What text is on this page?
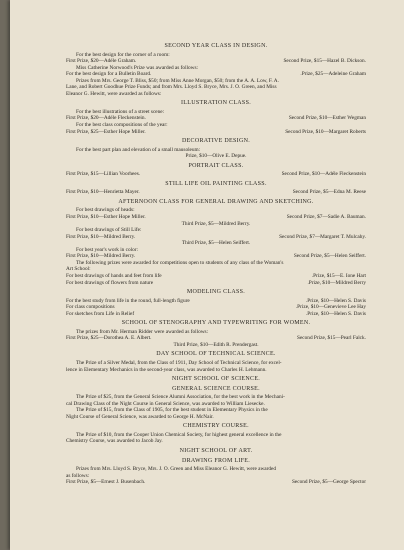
SECOND YEAR CLASS IN DESIGN.
For the best design for the corner of a room:
First Prize, $20—Adéle Graham.	Second Prize, $15—Hazel B. Dickson.
Miss Catherine Norwood's Prize was awarded as follows:
For the best design for a Bulletin Board.	.Prize, $25—Adeleine Graham
Prizes from Mrs. George T. Bliss, $50; from Miss Anne Morgan, $50; from the A. A. Low, F. A.
Lane, and Robert Goodhue Prize Funds; and from Mrs. Lloyd S. Bryce, Mrs. J. O. Green, and Miss
Eleanor G. Hewitt, were awarded as follows:
ILLUSTRATION CLASS.
For the best illustrations of a street scene:
First Prize, $20—Adéle Fleckenstein.	Second Prize, $10—Esther Wegman
For the best class compositions of the year:
First Prize, $25—Esther Hope Miller.	Second Prize, $10—Margaret Roberts
DECORATIVE DESIGN.
For the best part plan and elevation of a small mausoleum:
Prize, $10—Olive E. Depue.
PORTRAIT CLASS.
First Prize, $15—Lillian Voorhees.	Second Prize, $10—Adéle Fleckenstein
STILL LIFE OIL PAINTING CLASS.
First Prize, $10—Henrietta Mayer.	Second Prize, $5—Edna M. Reese
AFTERNOON CLASS FOR GENERAL DRAWING AND SKETCHING.
For best drawings of heads:
First Prize, $10—Esther Hope Miller.	Second Prize, $7—Sadie A. Bauman.
Third Prize, $5—Mildred Berry.
For best drawings of Still Life:
First Prize, $10—Mildred Berry.	Second Prize, $7—Margaret T. Mulcahy.
Third Prize, $5—Helen Seiffert.
For best year's work in color:
First Prize, $10—Mildred Berry.	Second Prize, $5—Helen Seiffert.
The following prizes were awarded for competitions open to students of any class of the Woman's
Art School:
For best drawings of hands and feet from life	.Prize, $15—E. Ione Hart
For best drawings of flowers from nature	.Prize, $10—Mildred Berry
MODELING CLASS.
For the best study from life in the round, full-length figure	.Prize, $10—Helen S. Davis
For class compositions	.Prize, $10—Genevieve Lee Hay
For sketches from Life in Relief	.Prize, $10—Helen S. Davis
SCHOOL OF STENOGRAPHY AND TYPEWRITING FOR WOMEN.
The prizes from Mr. Herman Ridder were awarded as follows:
First Prize, $25—Dorothea A. E. Albert.	Second Prize, $15—Pearl Falck.
Third Prize, $10—Edith R. Prendergast.
DAY SCHOOL OF TECHNICAL SCIENCE.
The Prize of a Silver Medal, from the Class of 1911, Day School of Technical Science, for excel-
lence in Elementary Mechanics in the second-year class, was awarded to Charles H. Lehmann.
NIGHT SCHOOL OF SCIENCE.
GENERAL SCIENCE COURSE.
The Prize of $25, from the General Science Alumni Association, for the best work in the Mechani-
cal Drawing Class of the Night Course in General Science, was awarded to William Liesecke.
The Prize of $15, from the Class of 1905, for the best student in Elementary Physics in the
Night Course of General Science, was awarded to George H. McNair.
CHEMISTRY COURSE.
The Prize of $10, from the Cooper Union Chemical Society, for highest general excellence in the
Chemistry Course, was awarded to Jacob Jay.
NIGHT SCHOOL OF ART.
DRAWING FROM LIFE.
Prizes from Mrs. Lloyd S. Bryce, Mrs. J. O. Green and Miss Eleanor G. Hewitt, were awarded
as follows:
First Prize, $5—Ernest J. Busenbach.	Second Prize, $5—George Spector
